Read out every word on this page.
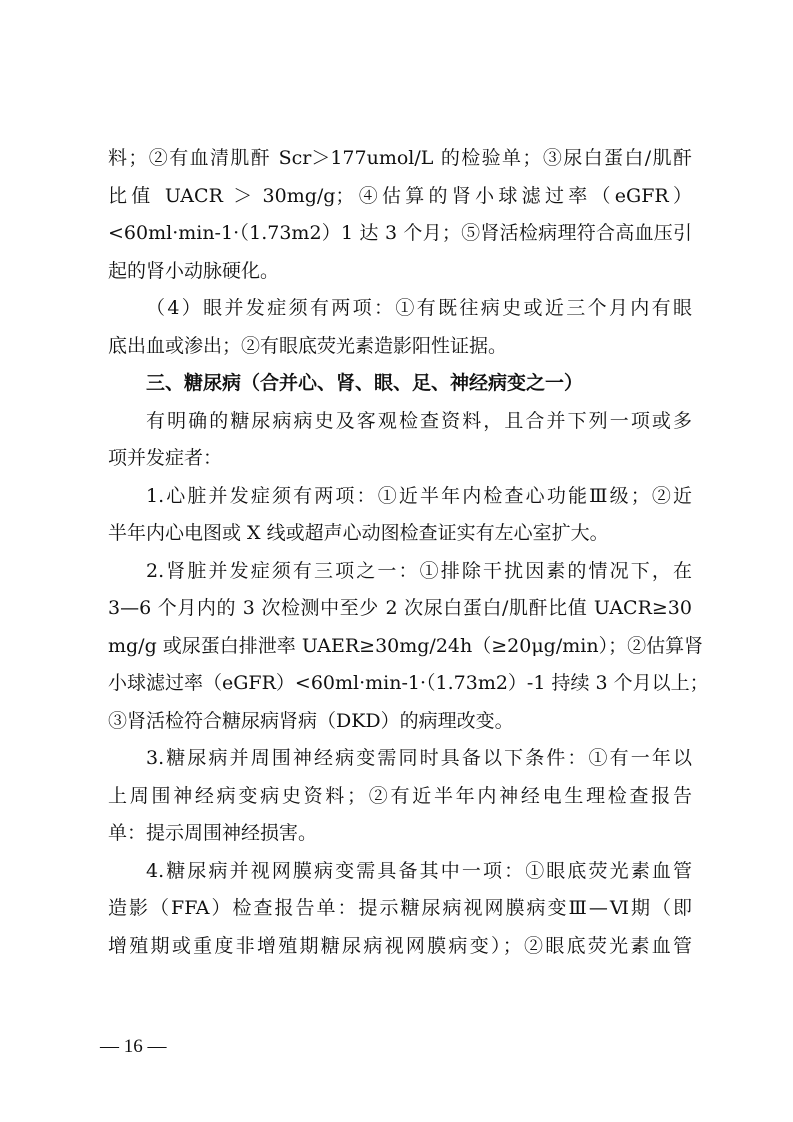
料；②有血清肌酐 Scr＞177umol/L 的检验单；③尿白蛋白/肌酐
比值 UACR ＞ 30mg/g；④估算的肾小球滤过率（eGFR）
<60ml·min-1·（1.73m2）1 达 3 个月；⑤肾活检病理符合高血压引
起的肾小动脉硬化。
（4）眼并发症须有两项：①有既往病史或近三个月内有眼
底出血或渗出；②有眼底荧光素造影阳性证据。
三、糖尿病（合并心、肾、眼、足、神经病变之一）
有明确的糖尿病病史及客观检查资料，且合并下列一项或多
项并发症者：
1.心脏并发症须有两项：①近半年内检查心功能Ⅲ级；②近
半年内心电图或 X 线或超声心动图检查证实有左心室扩大。
2.肾脏并发症须有三项之一：①排除干扰因素的情况下，在
3—6 个月内的 3 次检测中至少 2 次尿白蛋白/肌酐比值 UACR≥30
mg/g 或尿蛋白排泄率 UAER≥30mg/24h（≥20μg/min）；②估算肾
小球滤过率（eGFR）<60ml·min-1·（1.73m2）-1 持续 3 个月以上；
③肾活检符合糖尿病肾病（DKD）的病理改变。
3.糖尿病并周围神经病变需同时具备以下条件：①有一年以
上周围神经病变病史资料；②有近半年内神经电生理检查报告
单：提示周围神经损害。
4.糖尿病并视网膜病变需具备其中一项：①眼底荧光素血管
造影（FFA）检查报告单：提示糖尿病视网膜病变Ⅲ—Ⅵ期（即
增殖期或重度非增殖期糖尿病视网膜病变）；②眼底荧光素血管
— 16 —
